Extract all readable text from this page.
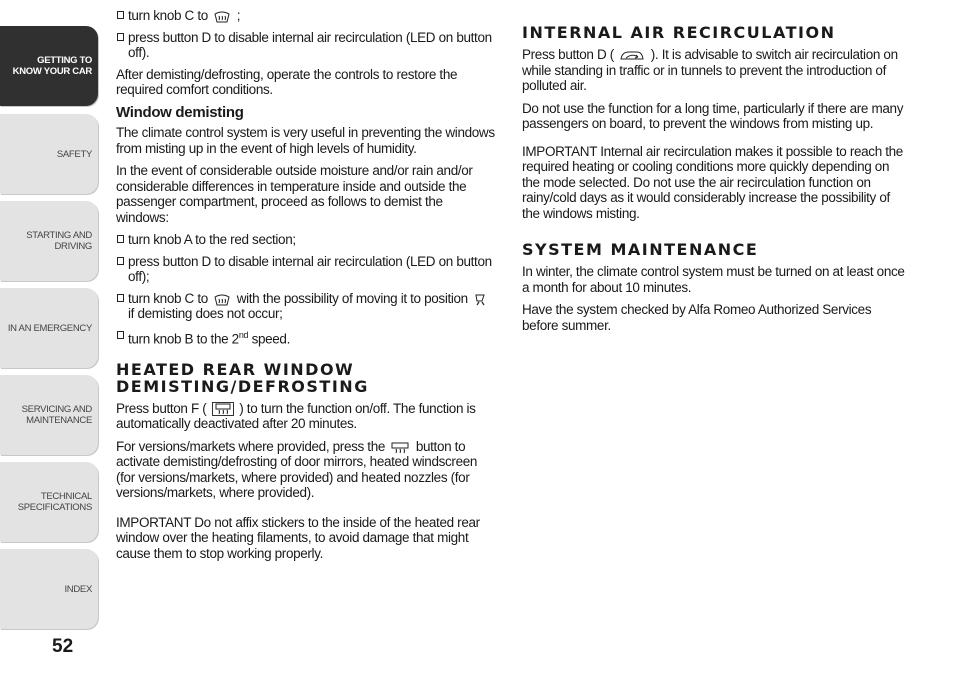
GETTING TO
KNOW YOUR CAR
SAFETY
STARTING AND
DRIVING
IN AN EMERGENCY
SERVICING AND
MAINTENANCE
TECHNICAL
SPECIFICATIONS
INDEX
52
turn knob C to ;
press button D to disable internal air recirculation (LED on button off).

After demisting/defrosting, operate the controls to restore the required comfort conditions.

Window demisting

The climate control system is very useful in preventing the windows from misting up in the event of high levels of humidity.

In the event of considerable outside moisture and/or rain and/or considerable differences in temperature inside and outside the passenger compartment, proceed as follows to demist the windows:

turn knob A to the red section;
press button D to disable internal air recirculation (LED on button off);
turn knob C to with the possibility of moving it to position  if demisting does not occur;
turn knob B to the 2nd speed.
HEATED REAR WINDOW DEMISTING/DEFROSTING

Press button F ( ) to turn the function on/off. The function is automatically deactivated after 20 minutes.

For versions/markets where provided, press the button to activate demisting/defrosting of door mirrors, heated windscreen (for versions/markets, where provided) and heated nozzles (for versions/markets, where provided).

IMPORTANT Do not affix stickers to the inside of the heated rear window over the heating filaments, to avoid damage that might cause them to stop working properly.

INTERNAL AIR RECIRCULATION

Press button D (	). It is advisable to switch air recirculation on while standing in traffic or in tunnels to prevent the introduction of polluted air.

Do not use the function for a long time, particularly if there are many passengers on board, to prevent the windows from misting up.

IMPORTANT Internal air recirculation makes it possible to reach the required heating or cooling conditions more quickly depending on the mode selected. Do not use the air recirculation function on rainy/cold days as it would considerably increase the possibility of the windows misting.

SYSTEM MAINTENANCE

In winter, the climate control system must be turned on at least once a month for about 10 minutes.

Have the system checked by Alfa Romeo Authorized Services before summer.
